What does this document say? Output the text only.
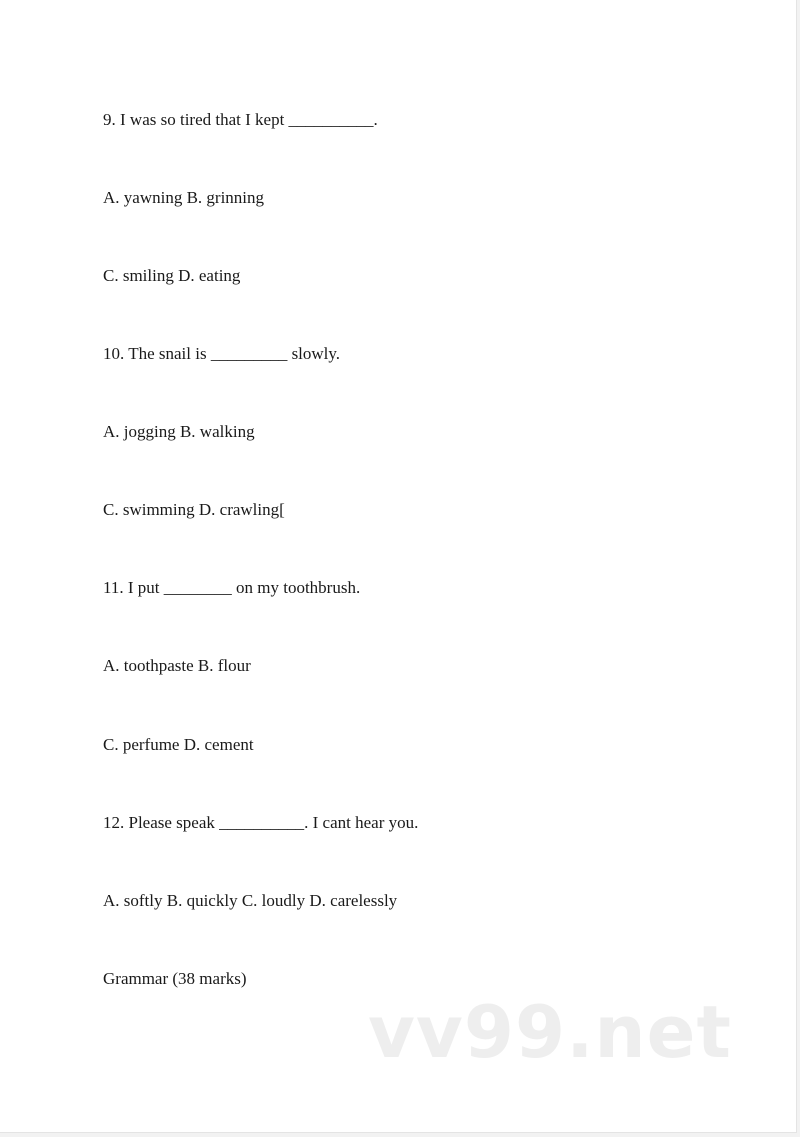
9. I was so tired that I kept __________.
A. yawning B. grinning
C. smiling D. eating
10. The snail is _________ slowly.
A. jogging B. walking
C. swimming D. crawling[
11. I put ________ on my toothbrush.
A. toothpaste B. flour
C. perfume D. cement
12. Please speak __________. I cant hear you.
A. softly B. quickly C. loudly D. carelessly
Grammar (38 marks)
vv99.net
